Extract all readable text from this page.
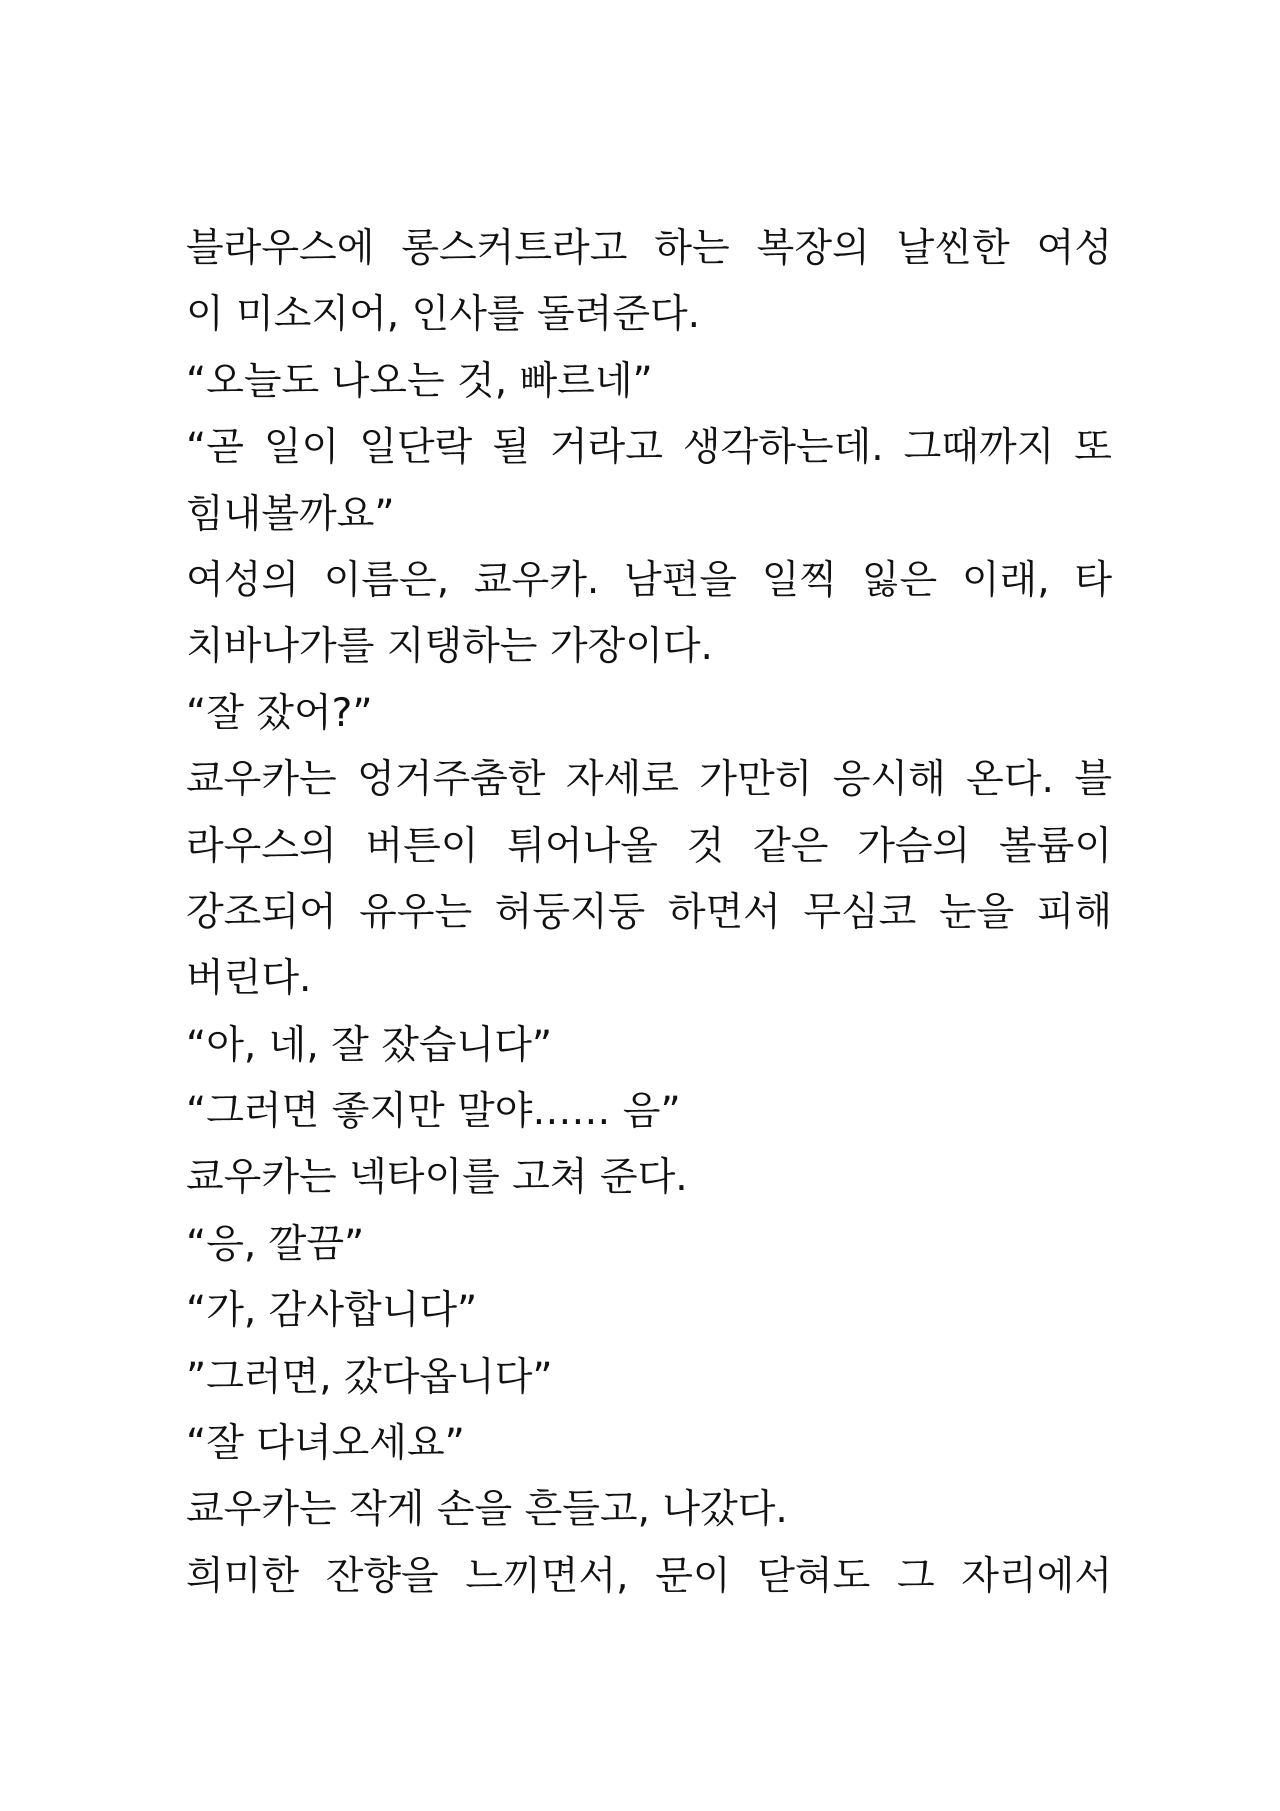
블라우스에 롱스커트라고 하는 복장의 날씬한 여성
이 미소지어, 인사를 돌려준다.
“오늘도 나오는 것, 빠르네”
“곧 일이 일단락 될 거라고 생각하는데. 그때까지 또
힘내볼까요”
여성의 이름은, 쿄우카. 남편을 일찍 잃은 이래, 타
치바나가를 지탱하는 가장이다.
“잘 잤어?”
쿄우카는 엉거주춤한 자세로 가만히 응시해 온다. 블
라우스의 버튼이 튀어나올 것 같은 가슴의 볼륨이
강조되어 유우는 허둥지둥 하면서 무심코 눈을 피해
버린다.
“아, 네, 잘 잤습니다”
“그러면 좋지만 말야…… 음”
쿄우카는 넥타이를 고쳐 준다.
“응, 깔끔”
“가, 감사합니다”
”그러면, 갔다옵니다”
“잘 다녀오세요”
쿄우카는 작게 손을 흔들고, 나갔다.
희미한 잔향을 느끼면서, 문이 닫혀도 그 자리에서
